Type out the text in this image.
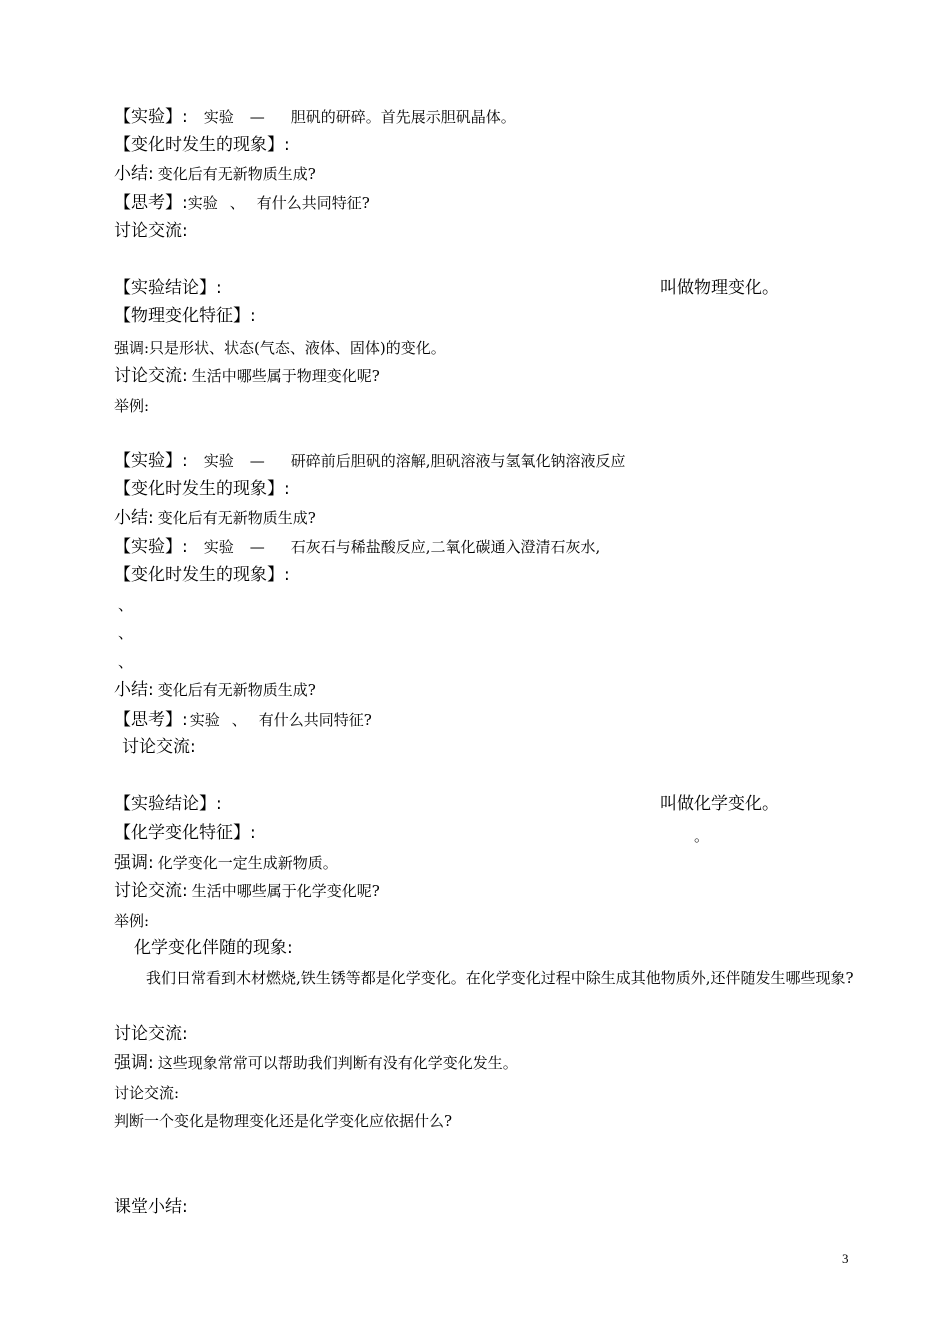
【实验】: 实验 — 胆矾的研碎。首先展示胆矾晶体。
【变化时发生的现象】:
小结: 变化后有无新物质生成?
【思考】:实验 、 有什么共同特征?
讨论交流:
【实验结论】:	叫做物理变化。
【物理变化特征】:
强调:只是形状、状态(气态、液体、固体)的变化。
讨论交流: 生活中哪些属于物理变化呢?
举例:
【实验】: 实验 — 研碎前后胆矾的溶解,胆矾溶液与氢氧化钠溶液反应
【变化时发生的现象】:
小结: 变化后有无新物质生成?
【实验】: 实验 — 石灰石与稀盐酸反应,二氧化碳通入澄清石灰水,
【变化时发生的现象】:
、
、
、
小结: 变化后有无新物质生成?
【思考】: 实验 、 有什么共同特征?
讨论交流:
【实验结论】:	叫做化学变化。
【化学变化特征】:	。
强调: 化学变化一定生成新物质。
讨论交流: 生活中哪些属于化学变化呢?
举例:
化学变化伴随的现象:
我们日常看到木材燃烧,铁生锈等都是化学变化。在化学变化过程中除生成其他物质外,还伴随发生哪些现象?
讨论交流:
强调: 这些现象常常可以帮助我们判断有没有化学变化发生。
讨论交流:
判断一个变化是物理变化还是化学变化应依据什么?
课堂小结:
3
